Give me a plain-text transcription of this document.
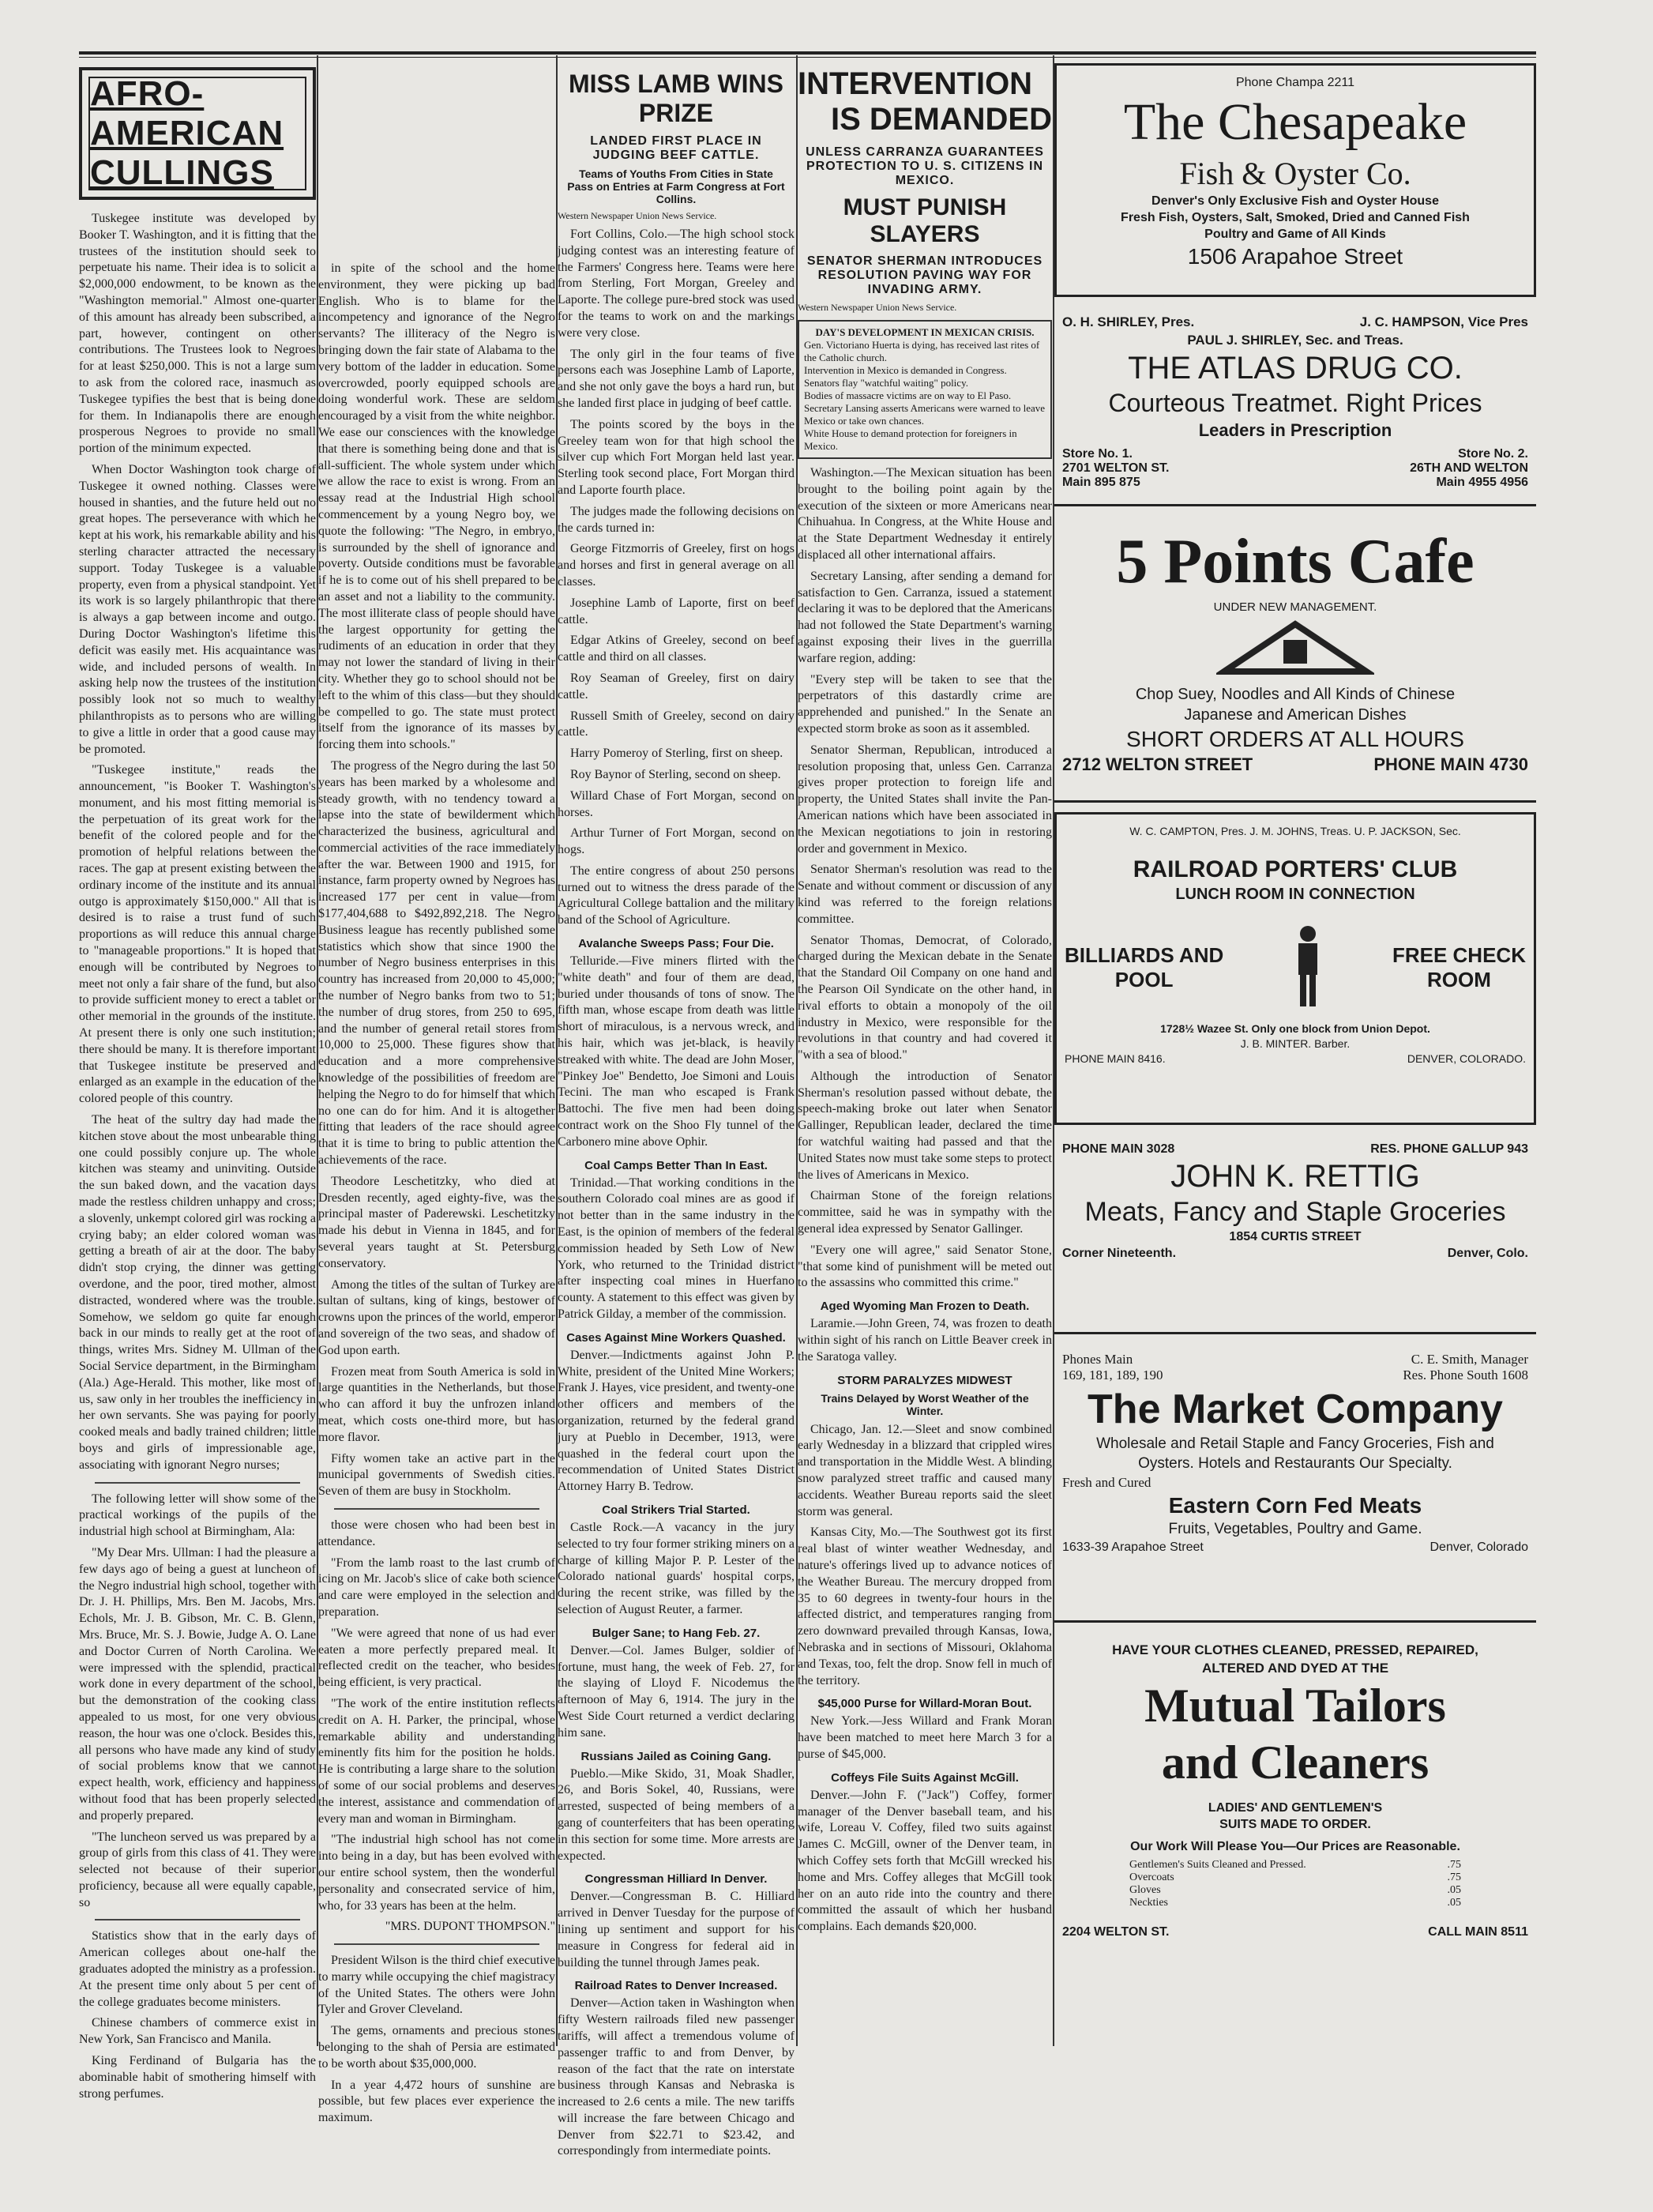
AFRO-AMERICAN CULLINGS

Tuskegee institute was developed by Booker T. Washington, and it is fitting that the trustees of the institution should seek to perpetuate his name. Their idea is to solicit a $2,000,000 endowment, to be known as the "Washington memorial." Almost one-quarter of this amount has already been subscribed, a part, however, contingent on other contributions. The Trustees look to Negroes for at least $250,000. This is not a large sum to ask from the colored race, inasmuch as Tuskegee typifies the best that is being done for them. In Indianapolis there are enough prosperous Negroes to provide no small portion of the minimum expected.

When Doctor Washington took charge of Tuskegee it owned nothing. Classes were housed in shanties, and the future held out no great hopes. The perseverance with which he kept at his work, his remarkable ability and his sterling character attracted the necessary support. Today Tuskegee is a valuable property, even from a physical standpoint. Yet its work is so largely philanthropic that there is always a gap between income and outgo. During Doctor Washington's lifetime this deficit was easily met. His acquaintance was wide, and included persons of wealth. In asking help now the trustees of the institution possibly look not so much to wealthy philanthropists as to persons who are willing to give a little in order that a good cause may be promoted.

"Tuskegee institute," reads the announcement, "is Booker T. Washington's monument, and his most fitting memorial is the perpetuation of its great work for the benefit of the colored people and for the promotion of helpful relations between the races. The gap at present existing between the ordinary income of the institute and its annual outgo is approximately $150,000." All that is desired is to raise a trust fund of such proportions as will reduce this annual charge to "manageable proportions." It is hoped that enough will be contributed by Negroes to meet not only a fair share of the fund, but also to provide sufficient money to erect a tablet or other memorial in the grounds of the institute. At present there is only one such institution; there should be many. It is therefore important that Tuskegee institute be preserved and enlarged as an example in the education of the colored people of this country.

The heat of the sultry day had made the kitchen stove about the most unbearable thing one could possibly conjure up. The whole kitchen was steamy and uninviting. Outside the sun baked down, and the vacation days made the restless children unhappy and cross; a slovenly, unkempt colored girl was rocking a crying baby; an elder colored woman was getting a breath of air at the door. The baby didn't stop crying, the dinner was getting overdone, and the poor, tired mother, almost distracted, wondered where was the trouble. Somehow, we seldom go quite far enough back in our minds to really get at the root of things, writes Mrs. Sidney M. Ullman of the Social Service department, in the Birmingham (Ala.) Age-Herald. This mother, like most of us, saw only in her troubles the inefficiency in her own servants. She was paying for poorly cooked meals and badly trained children; little boys and girls of impressionable age, associating with ignorant Negro nurses;

The following letter will show some of the practical workings of the pupils of the industrial high school at Birmingham, Ala:

"My Dear Mrs. Ullman: I had the pleasure a few days ago of being a guest at luncheon of the Negro industrial high school, together with Dr. J. H. Phillips, Mrs. Ben M. Jacobs, Mrs. Echols, Mr. J. B. Gibson, Mr. C. B. Glenn, Mrs. Bruce, Mr. S. J. Bowie, Judge A. O. Lane and Doctor Curren of North Carolina. We were impressed with the splendid, practical work done in every department of the school, but the demonstration of the cooking class appealed to us most, for one very obvious reason, the hour was one o'clock. Besides this, all persons who have made any kind of study of social problems know that we cannot expect health, work, efficiency and happiness without food that has been properly selected and properly prepared.

"The luncheon served us was prepared by a group of girls from this class of 41. They were selected not because of their superior proficiency, because all were equally capable, so

Statistics show that in the early days of American colleges about one-half the graduates adopted the ministry as a profession. At the present time only about 5 per cent of the college graduates become ministers.

Chinese chambers of commerce exist in New York, San Francisco and Manila.

King Ferdinand of Bulgaria has the abominable habit of smothering himself with strong perfumes.

in spite of the school and the home environment, they were picking up bad English. Who is to blame for the incompetency and ignorance of the Negro servants? The illiteracy of the Negro is bringing down the fair state of Alabama to the very bottom of the ladder in education. Some overcrowded, poorly equipped schools are doing wonderful work. These are seldom encouraged by a visit from the white neighbor. We ease our consciences with the knowledge that there is something being done and that is all-sufficient. The whole system under which we allow the race to exist is wrong. From an essay read at the Industrial High school commencement by a young Negro boy, we quote the following: "The Negro, in embryo, is surrounded by the shell of ignorance and poverty. Outside conditions must be favorable if he is to come out of his shell prepared to be an asset and not a liability to the community. The most illiterate class of people should have the largest opportunity for getting the rudiments of an education in order that they may not lower the standard of living in their city. Whether they go to school should not be left to the whim of this class—but they should be compelled to go. The state must protect itself from the ignorance of its masses by forcing them into schools."

The progress of the Negro during the last 50 years has been marked by a wholesome and steady growth, with no tendency toward a lapse into the state of bewilderment which characterized the business, agricultural and commercial activities of the race immediately after the war. Between 1900 and 1915, for instance, farm property owned by Negroes has increased 177 per cent in value—from $177,404,688 to $492,892,218. The Negro Business league has recently published some statistics which show that since 1900 the number of Negro business enterprises in this country has increased from 20,000 to 45,000; the number of Negro banks from two to 51; the number of drug stores, from 250 to 695, and the number of general retail stores from 10,000 to 25,000. These figures show that education and a more comprehensive knowledge of the possibilities of freedom are helping the Negro to do for himself that which no one can do for him. And it is altogether fitting that leaders of the race should agree that it is time to bring to public attention the achievements of the race.

Theodore Leschetitzky, who died at Dresden recently, aged eighty-five, was the principal master of Paderewski. Leschetitzky made his debut in Vienna in 1845, and for several years taught at St. Petersburg conservatory.

Among the titles of the sultan of Turkey are sultan of sultans, king of kings, bestower of crowns upon the princes of the world, emperor and sovereign of the two seas, and shadow of God upon earth.

Frozen meat from South America is sold in large quantities in the Netherlands, but those who can afford it buy the unfrozen inland meat, which costs one-third more, but has more flavor.

Fifty women take an active part in the municipal governments of Swedish cities. Seven of them are busy in Stockholm.

those were chosen who had been best in attendance.

"From the lamb roast to the last crumb of icing on Mr. Jacob's slice of cake both science and care were employed in the selection and preparation.

"We were agreed that none of us had ever eaten a more perfectly prepared meal. It reflected credit on the teacher, who besides being efficient, is very practical.

"The work of the entire institution reflects credit on A. H. Parker, the principal, whose remarkable ability and understanding eminently fits him for the position he holds. He is contributing a large share to the solution of some of our social problems and deserves the interest, assistance and commendation of every man and woman in Birmingham.

"The industrial high school has not come into being in a day, but has been evolved with our entire school system, then the wonderful personality and consecrated service of him, who, for 33 years has been at the helm.

"MRS. DUPONT THOMPSON."

President Wilson is the third chief executive to marry while occupying the chief magistracy of the United States. The others were John Tyler and Grover Cleveland.

The gems, ornaments and precious stones belonging to the shah of Persia are estimated to be worth about $35,000,000.

In a year 4,472 hours of sunshine are possible, but few places ever experience the maximum.

MISS LAMB WINS PRIZE
LANDED FIRST PLACE IN JUDGING BEEF CATTLE.
Teams of Youths From Cities in State Pass on Entries at Farm Congress at Fort Collins.
Western Newspaper Union News Service.

Fort Collins, Colo.—The high school stock judging contest was an interesting feature of the Farmers' Congress here. Teams were here from Sterling, Fort Morgan, Greeley and Laporte. The college pure-bred stock was used for the teams to work on and the markings were very close.

The only girl in the four teams of five persons each was Josephine Lamb of Laporte, and she not only gave the boys a hard run, but she landed first place in judging of beef cattle.

The points scored by the boys in the Greeley team won for that high school the silver cup which Fort Morgan held last year. Sterling took second place, Fort Morgan third and Laporte fourth place.

The judges made the following decisions on the cards turned in:

George Fitzmorris of Greeley, first on hogs and horses and first in general average on all classes.

Josephine Lamb of Laporte, first on beef cattle.

Edgar Atkins of Greeley, second on beef cattle and third on all classes.

Roy Seaman of Greeley, first on dairy cattle.

Russell Smith of Greeley, second on dairy cattle.

Harry Pomeroy of Sterling, first on sheep.

Roy Baynor of Sterling, second on sheep.

Willard Chase of Fort Morgan, second on horses.

Arthur Turner of Fort Morgan, second on hogs.

The entire congress of about 250 persons turned out to witness the dress parade of the Agricultural College battalion and the military band of the School of Agriculture.

Avalanche Sweeps Pass; Four Die.

Telluride.—Five miners flirted with the "white death" and four of them are dead, buried under thousands of tons of snow. The fifth man, whose escape from death was little short of miraculous, is a nervous wreck, and his hair, which was jet-black, is heavily streaked with white. The dead are John Moser, "Pinkey Joe" Bendetto, Joe Simoni and Louis Tecini. The man who escaped is Frank Battochi. The five men had been doing contract work on the Shoo Fly tunnel of the Carbonero mine above Ophir.

Coal Camps Better Than In East.

Trinidad.—That working conditions in the southern Colorado coal mines are as good if not better than in the same industry in the East, is the opinion of members of the federal commission headed by Seth Low of New York, who returned to the Trinidad district after inspecting coal mines in Huerfano county. A statement to this effect was given by Patrick Gilday, a member of the commission.

Cases Against Mine Workers Quashed.

Denver.—Indictments against John P. White, president of the United Mine Workers; Frank J. Hayes, vice president, and twenty-one other officers and members of the organization, returned by the federal grand jury at Pueblo in December, 1913, were quashed in the federal court upon the recommendation of United States District Attorney Harry B. Tedrow.

Coal Strikers Trial Started.

Castle Rock.—A vacancy in the jury selected to try four former striking miners on a charge of killing Major P. P. Lester of the Colorado national guards' hospital corps, during the recent strike, was filled by the selection of August Reuter, a farmer.

Bulger Sane; to Hang Feb. 27.

Denver.—Col. James Bulger, soldier of fortune, must hang, the week of Feb. 27, for the slaying of Lloyd F. Nicodemus the afternoon of May 6, 1914. The jury in the West Side Court returned a verdict declaring him sane.

Russians Jailed as Coining Gang.

Pueblo.—Mike Skido, 31, Moak Shadler, 26, and Boris Sokel, 40, Russians, were arrested, suspected of being members of a gang of counterfeiters that has been operating in this section for some time. More arrests are expected.

Congressman Hilliard In Denver.

Denver.—Congressman B. C. Hilliard arrived in Denver Tuesday for the purpose of lining up sentiment and support for his measure in Congress for federal aid in building the tunnel through James peak.

Railroad Rates to Denver Increased.

Denver—Action taken in Washington when fifty Western railroads filed new passenger tariffs, will affect a tremendous volume of passenger traffic to and from Denver, by reason of the fact that the rate on interstate business through Kansas and Nebraska is increased to 2.6 cents a mile. The new tariffs will increase the fare between Chicago and Denver from $22.71 to $23.42, and correspondingly from intermediate points.

INTERVENTION
IS DEMANDED
UNLESS CARRANZA GUARANTEES PROTECTION TO U. S. CITIZENS IN MEXICO.
MUST PUNISH SLAYERS
SENATOR SHERMAN INTRODUCES RESOLUTION PAVING WAY FOR INVADING ARMY.
Western Newspaper Union News Service.
DAY'S DEVELOPMENT IN MEXICAN CRISIS.
Gen. Victoriano Huerta is dying, has received last rites of the Catholic church.
Intervention in Mexico is demanded in Congress.
Senators flay "watchful waiting" policy.
Bodies of massacre victims are on way to El Paso.
Secretary Lansing asserts Americans were warned to leave Mexico or take own chances.
White House to demand protection for foreigners in Mexico.

Washington.—The Mexican situation has been brought to the boiling point again by the execution of the sixteen or more Americans near Chihuahua. In Congress, at the White House and at the State Department Wednesday it entirely displaced all other international affairs.

Secretary Lansing, after sending a demand for satisfaction to Gen. Carranza, issued a statement declaring it was to be deplored that the Americans had not followed the State Department's warning against exposing their lives in the guerrilla warfare region, adding:

"Every step will be taken to see that the perpetrators of this dastardly crime are apprehended and punished." In the Senate an expected storm broke as soon as it assembled.

Senator Sherman, Republican, introduced a resolution proposing that, unless Gen. Carranza gives proper protection to foreign life and property, the United States shall invite the Pan-American nations which have been associated in the Mexican negotiations to join in restoring order and government in Mexico.

Senator Sherman's resolution was read to the Senate and without comment or discussion of any kind was referred to the foreign relations committee.

Senator Thomas, Democrat, of Colorado, charged during the Mexican debate in the Senate that the Standard Oil Company on one hand and the Pearson Oil Syndicate on the other hand, in rival efforts to obtain a monopoly of the oil industry in Mexico, were responsible for the revolutions in that country and had covered it "with a sea of blood."

Although the introduction of Senator Sherman's resolution passed without debate, the speech-making broke out later when Senator Gallinger, Republican leader, declared the time for watchful waiting had passed and that the United States now must take some steps to protect the lives of Americans in Mexico.

Chairman Stone of the foreign relations committee, said he was in sympathy with the general idea expressed by Senator Gallinger.

"Every one will agree," said Senator Stone, "that some kind of punishment will be meted out to the assassins who committed this crime."

Aged Wyoming Man Frozen to Death.

Laramie.—John Green, 74, was frozen to death within sight of his ranch on Little Beaver creek in the Saratoga valley.

STORM PARALYZES MIDWEST
Trains Delayed by Worst Weather of the Winter.

Chicago, Jan. 12.—Sleet and snow combined early Wednesday in a blizzard that crippled wires and transportation in the Middle West. A blinding snow paralyzed street traffic and caused many accidents. Weather Bureau reports said the sleet storm was general.

Kansas City, Mo.—The Southwest got its first real blast of winter weather Wednesday, and nature's offerings lived up to advance notices of the Weather Bureau. The mercury dropped from 35 to 60 degrees in twenty-four hours in the affected district, and temperatures ranging from zero downward prevailed through Kansas, Iowa, Nebraska and in sections of Missouri, Oklahoma and Texas, too, felt the drop. Snow fell in much of the territory.

$45,000 Purse for Willard-Moran Bout.

New York.—Jess Willard and Frank Moran have been matched to meet here March 3 for a purse of $45,000.

Coffeys File Suits Against McGill.

Denver.—John F. ("Jack") Coffey, former manager of the Denver baseball team, and his wife, Loreau V. Coffey, filed two suits against James C. McGill, owner of the Denver team, in which Coffey sets forth that McGill wrecked his home and Mrs. Coffey alleges that McGill took her on an auto ride into the country and there committed the assault of which her husband complains. Each demands $20,000.

Phone Champa 2211
The Chesapeake
Fish & Oyster Co.
Denver's Only Exclusive Fish and Oyster House
Fresh Fish, Oysters, Salt, Smoked, Dried and Canned Fish
Poultry and Game of All Kinds
1506 Arapahoe Street
O. H. SHIRLEY, Pres.	J. C. HAMPSON, Vice Pres
PAUL J. SHIRLEY, Sec. and Treas.
THE ATLAS DRUG CO.
Courteous Treatmet. Right Prices
Leaders in Prescription
Store No. 1.
2701 WELTON ST.
Main 895 875
Store No. 2.
26TH AND WELTON
Main 4955 4956
5 Points Cafe
UNDER NEW MANAGEMENT.
Chop Suey, Noodles and All Kinds of Chinese
Japanese and American Dishes
SHORT ORDERS AT ALL HOURS
2712 WELTON STREET	PHONE MAIN 4730
W. C. CAMPTON, Pres. J. M. JOHNS, Treas. U. P. JACKSON, Sec.
RAILROAD PORTERS' CLUB
LUNCH ROOM IN CONNECTION
BILLIARDS AND
POOL
FREE CHECK
ROOM
1728½ Wazee St. Only one block from Union Depot.
J. B. MINTER. Barber.
PHONE MAIN 8416.	DENVER, COLORADO.
PHONE MAIN 3028	RES. PHONE GALLUP 943
JOHN K. RETTIG
Meats, Fancy and Staple Groceries
1854 CURTIS STREET
Corner Nineteenth.	Denver, Colo.
Phones Main
169, 181, 189, 190
C. E. Smith, Manager
Res. Phone South 1608
The Market Company
Wholesale and Retail Staple and Fancy Groceries, Fish and
Oysters. Hotels and Restaurants Our Specialty.
Fresh and Cured
Eastern Corn Fed Meats
Fruits, Vegetables, Poultry and Game.
1633-39 Arapahoe Street	Denver, Colorado
HAVE YOUR CLOTHES CLEANED, PRESSED, REPAIRED,
ALTERED AND DYED AT THE
Mutual Tailors
and Cleaners
LADIES' AND GENTLEMEN'S
SUITS MADE TO ORDER.
Our Work Will Please You—Our Prices are Reasonable.
Gentlemen's Suits Cleaned and Pressed.	.75
Overcoats	.75
Gloves	.05
Neckties	.05
2204 WELTON ST.	CALL MAIN 8511
